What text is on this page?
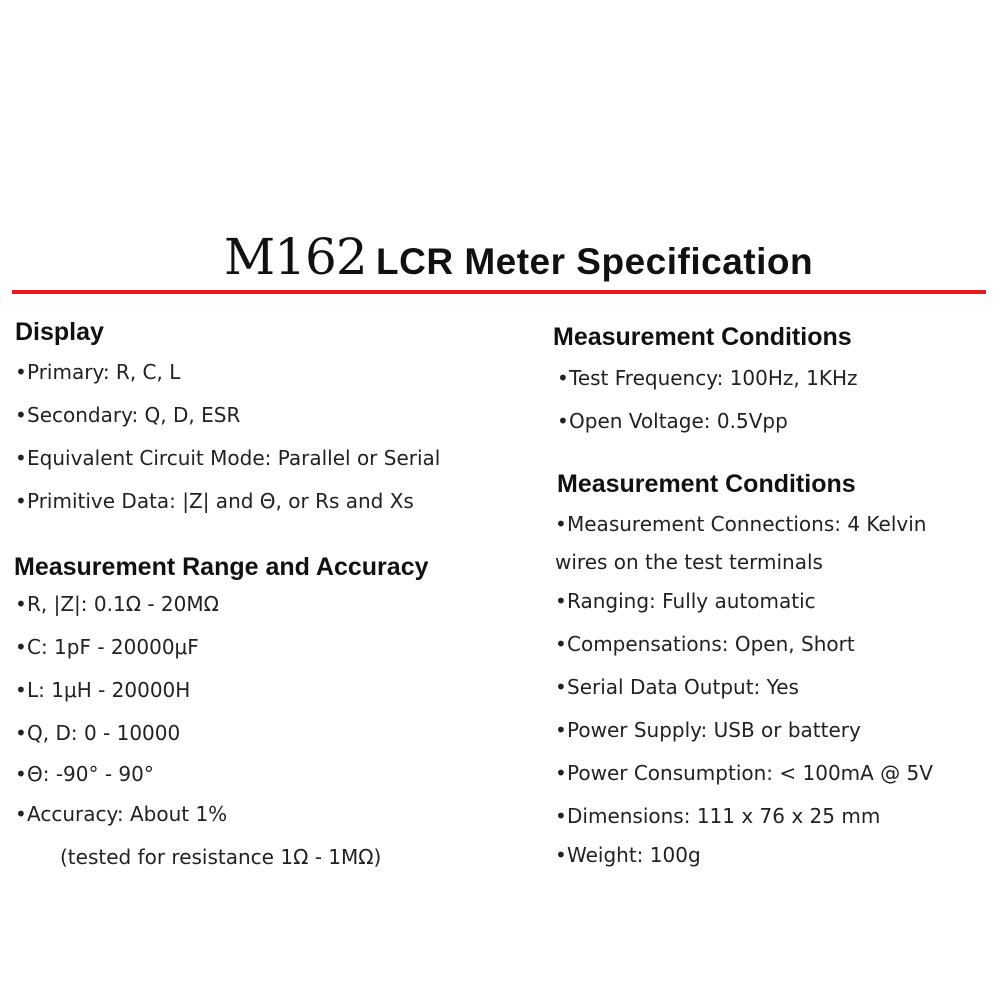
M162 LCR Meter Specification
Display
•Primary: R, C, L
•Secondary: Q, D, ESR
•Equivalent Circuit Mode: Parallel or Serial
•Primitive Data: |Z| and Θ, or Rs and Xs
Measurement Range and Accuracy
•R, |Z|: 0.1Ω - 20MΩ
•C: 1pF - 20000μF
•L: 1μH - 20000H
•Q, D: 0 - 10000
•Θ: -90° - 90°
•Accuracy: About 1%
(tested for resistance 1Ω - 1MΩ)
Measurement Conditions
•Test Frequency: 100Hz, 1KHz
•Open Voltage: 0.5Vpp
Measurement Conditions
•Measurement Connections: 4 Kelvin
wires on the test terminals
•Ranging: Fully automatic
•Compensations: Open, Short
•Serial Data Output: Yes
•Power Supply: USB or battery
•Power Consumption: < 100mA @ 5V
•Dimensions: 111 x 76 x 25 mm
•Weight: 100g
